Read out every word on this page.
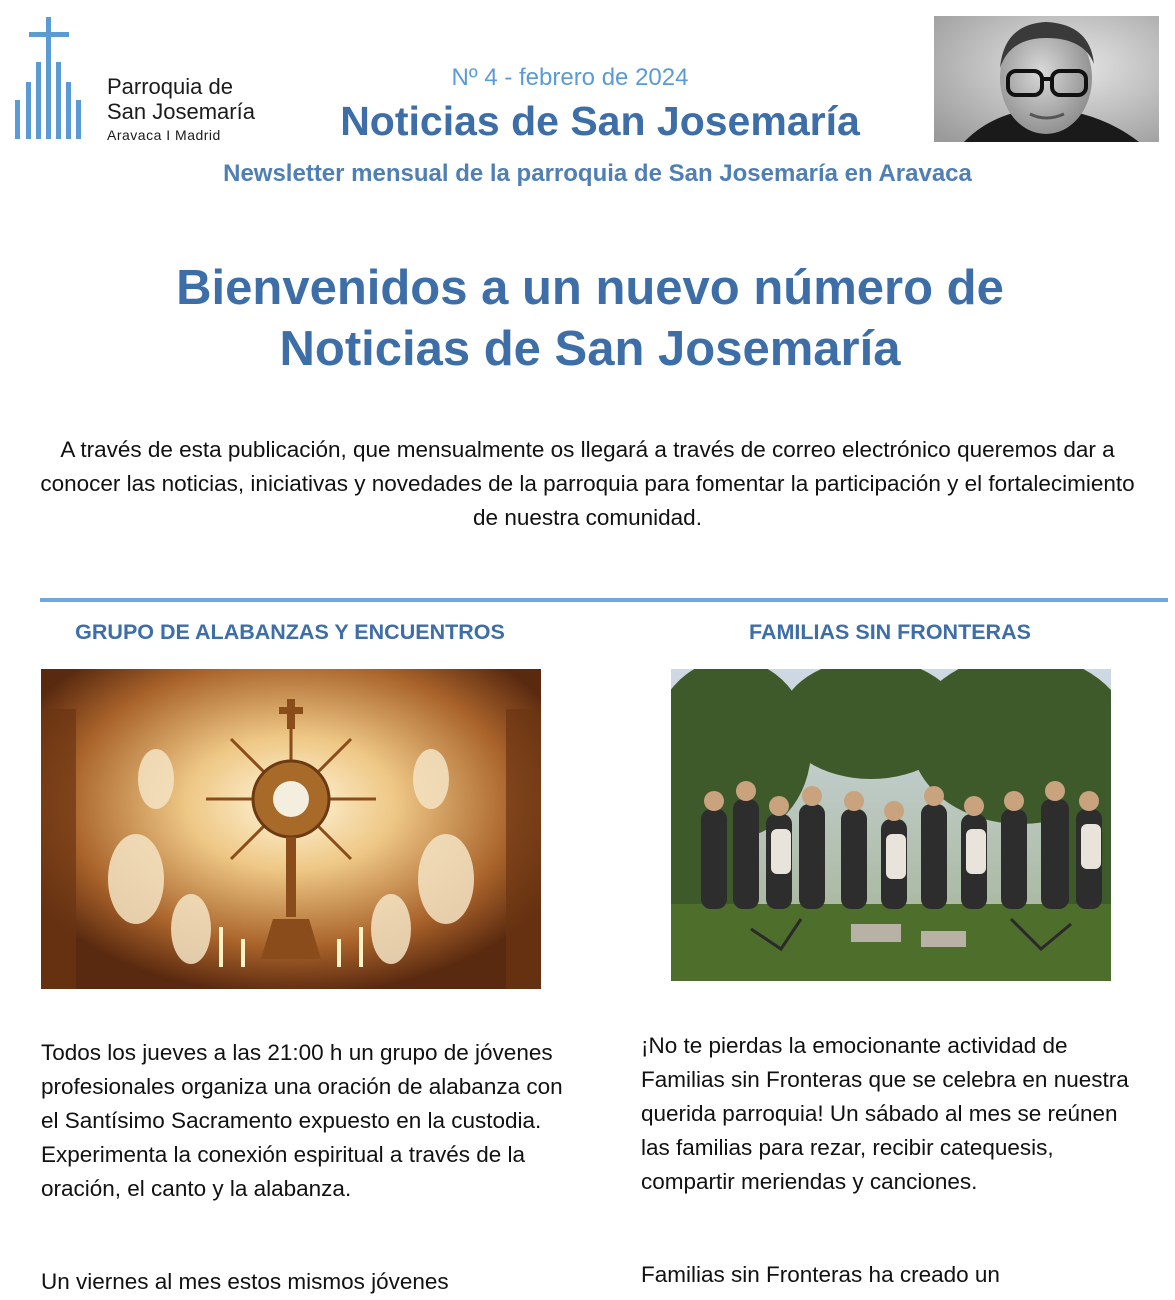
Parroquia de
San Josemaría
Aravaca I Madrid
Nº 4 - febrero de 2024
Noticias de San Josemaría
Newsletter mensual de la parroquia de San Josemaría en Aravaca
Bienvenidos a un nuevo número de
Noticias de San Josemaría
A través de esta publicación, que mensualmente os llegará a través de correo electrónico queremos dar a conocer las noticias, iniciativas y novedades de la parroquia para fomentar la participación y el fortalecimiento de nuestra comunidad.
GRUPO DE ALABANZAS Y ENCUENTROS	FAMILIAS SIN FRONTERAS
Todos los jueves a las 21:00 h un grupo de jóvenes profesionales organiza una oración de alabanza con el Santísimo Sacramento expuesto en la custodia. Experimenta la conexión espiritual a través de la oración, el canto y la alabanza.
Un viernes al mes estos mismos jóvenes
¡No te pierdas la emocionante actividad de Familias sin Fronteras que se celebra en nuestra querida parroquia! Un sábado al mes se reúnen las familias para rezar, recibir catequesis, compartir meriendas y canciones.
Familias sin Fronteras ha creado un
